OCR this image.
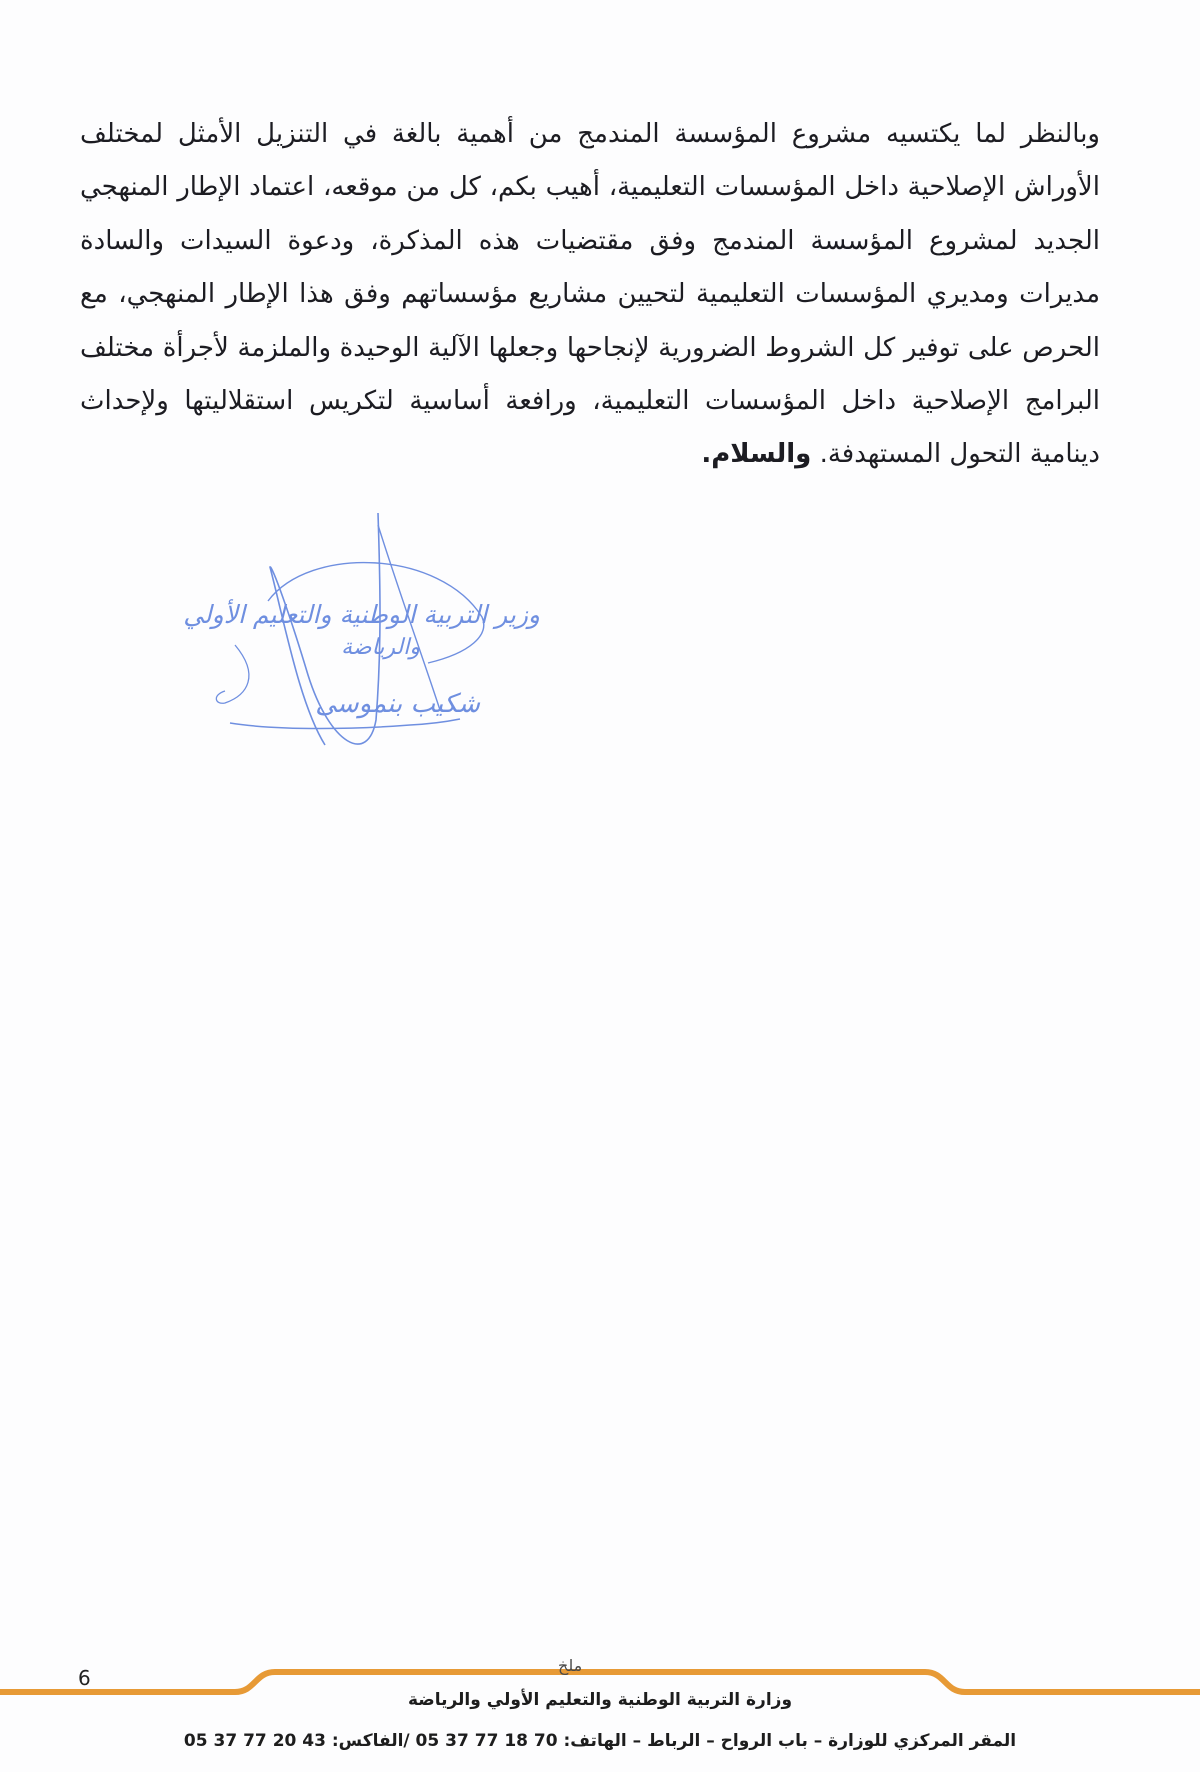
وبالنظر لما يكتسيه مشروع المؤسسة المندمج من أهمية بالغة في التنزيل الأمثل لمختلف الأوراش الإصلاحية داخل المؤسسات التعليمية، أهيب بكم، كل من موقعه، اعتماد الإطار المنهجي الجديد لمشروع المؤسسة المندمج وفق مقتضيات هذه المذكرة، ودعوة السيدات والسادة مديرات ومديري المؤسسات التعليمية لتحيين مشاريع مؤسساتهم وفق هذا الإطار المنهجي، مع الحرص على توفير كل الشروط الضرورية لإنجاحها وجعلها الآلية الوحيدة والملزمة لأجرأة مختلف البرامج الإصلاحية داخل المؤسسات التعليمية، ورافعة أساسية لتكريس استقلاليتها ولإحداث دينامية التحول المستهدفة. والسلام.

وزير التربية الوطنية والتعليم الأولي
والرياضة
شكيب بنموسى
6
ملخ
وزارة التربية الوطنية والتعليم الأولي والرياضة
المقر المركزي للوزارة – باب الرواح – الرباط – الهاتف: 70 18 77 37 05 /الفاكس: 43 20 77 37 05
